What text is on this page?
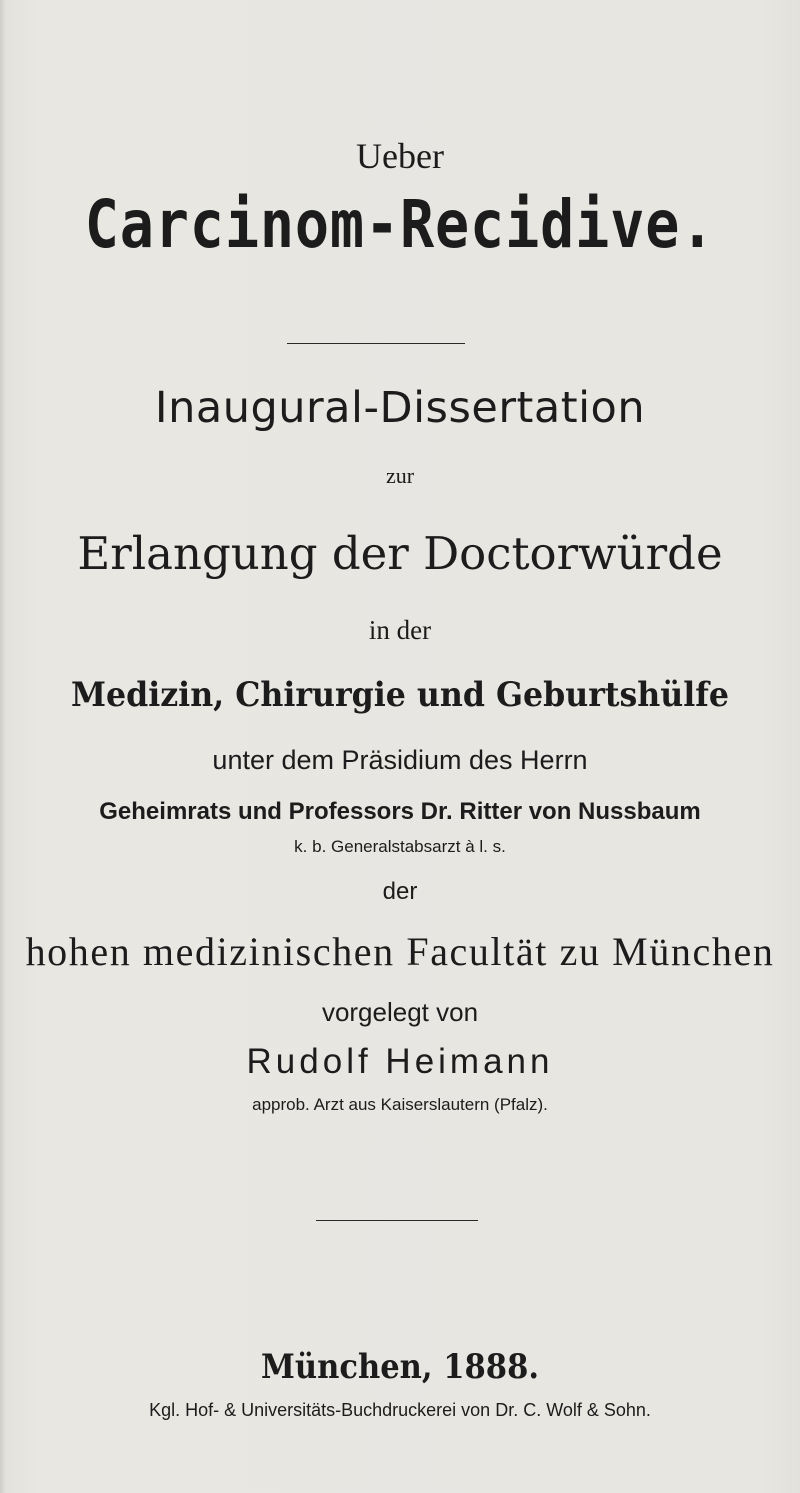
Ueber
Carcinom-Recidive.
Inaugural-Dissertation
zur
Erlangung der Doctorwürde
in der
Medizin, Chirurgie und Geburtshülfe
unter dem Präsidium des Herrn
Geheimrats und Professors Dr. Ritter von Nussbaum
k. b. Generalstabsarzt à l. s.
der
hohen medizinischen Facultät zu München
vorgelegt von
Rudolf Heimann
approb. Arzt aus Kaiserslautern (Pfalz).
München, 1888.
Kgl. Hof- & Universitäts-Buchdruckerei von Dr. C. Wolf & Sohn.
